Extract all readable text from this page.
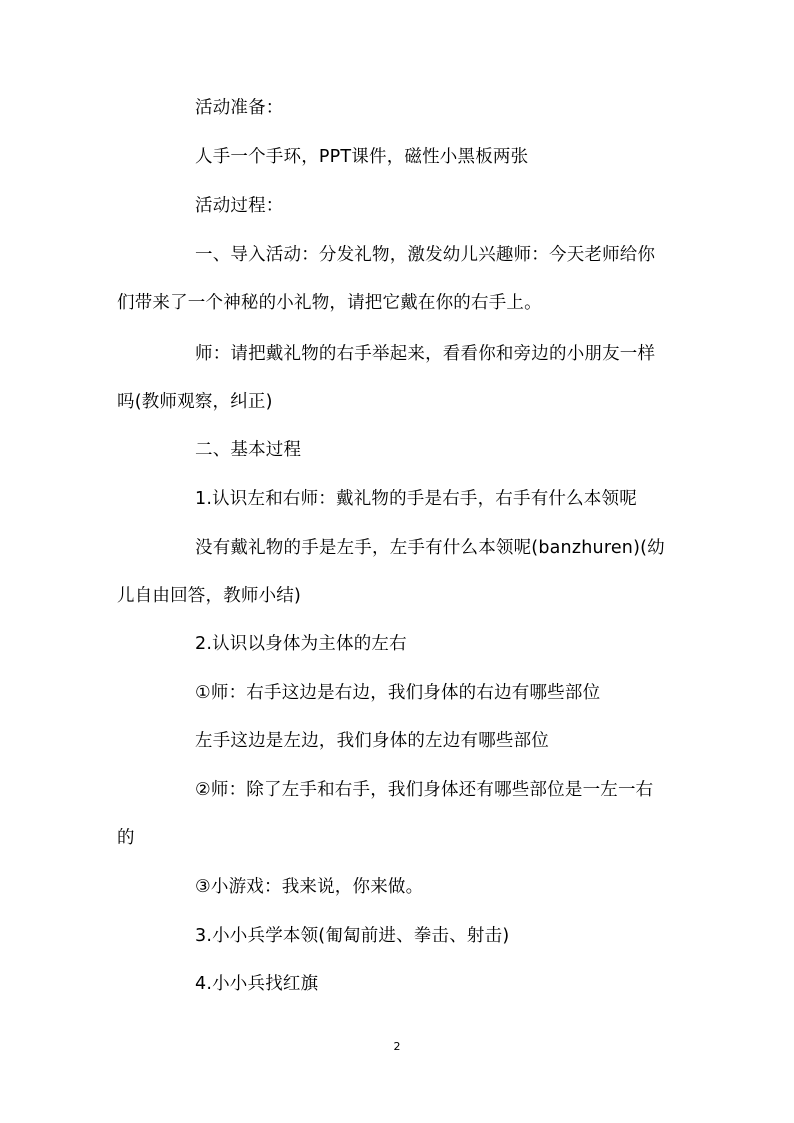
活动准备：
人手一个手环，PPT课件，磁性小黑板两张
活动过程：
一、导入活动：分发礼物，激发幼儿兴趣师：今天老师给你
们带来了一个神秘的小礼物，请把它戴在你的右手上。
师：请把戴礼物的右手举起来，看看你和旁边的小朋友一样
吗(教师观察，纠正)
二、基本过程
1.认识左和右师：戴礼物的手是右手，右手有什么本领呢
没有戴礼物的手是左手，左手有什么本领呢(banzhuren)(幼
儿自由回答，教师小结)
2.认识以身体为主体的左右
①师：右手这边是右边，我们身体的右边有哪些部位
左手这边是左边，我们身体的左边有哪些部位
②师：除了左手和右手，我们身体还有哪些部位是一左一右
的
③小游戏：我来说，你来做。
3.小小兵学本领(匍匐前进、拳击、射击)
4.小小兵找红旗
2
